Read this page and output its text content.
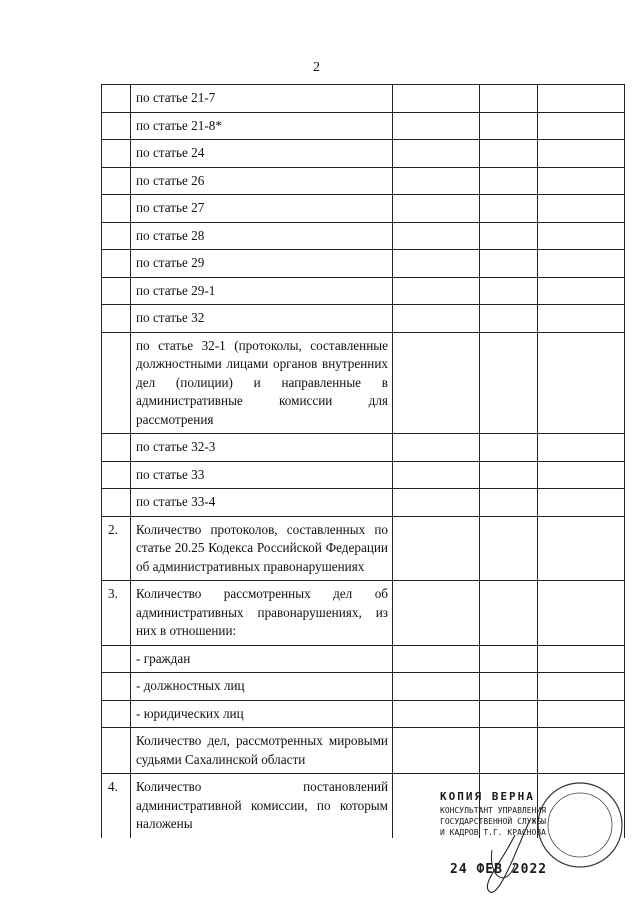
2
	по статье 21-7			
	по статье 21-8*			
	по статье 24			
	по статье 26			
	по статье 27			
	по статье 28			
	по статье 29			
	по статье 29-1			
	по статье 32			
	по статье 32-1 (протоколы, составленные должностными лицами органов внутренних дел (полиции) и направленные в административные комиссии для рассмотрения			
	по статье 32-3			
	по статье 33			
	по статье 33-4			
2.	Количество протоколов, составленных по статье 20.25 Кодекса Российской Федерации об административных правонарушениях			
3.	Количество рассмотренных дел об административных правонарушениях, из них в отношении:			
	- граждан			
	- должностных лиц			
	- юридических лиц			
	Количество дел, рассмотренных мировыми судьями Сахалинской области			
4.	Количество постановлений административной комиссии, по которым наложены			
КОПИЯ ВЕРНА
КОНСУЛЬТАНТ УПРАВЛЕНИЯ
ГОСУДАРСТВЕННОЙ СЛУЖБЫ
И КАДРОВ Т.Г. КРАСНОВА
24 ФЕВ 2022
